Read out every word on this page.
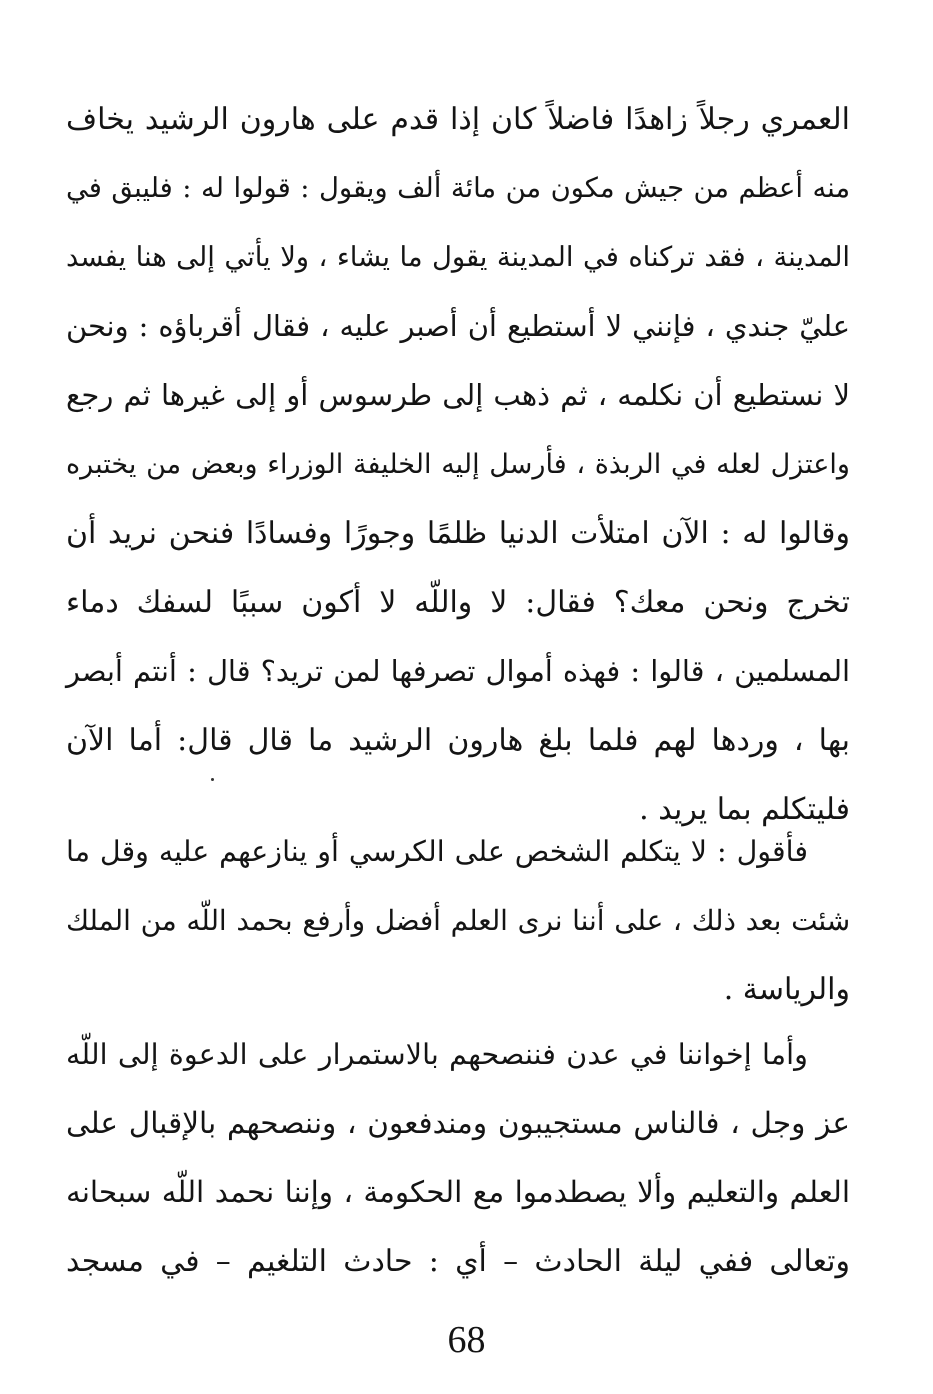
العمري رجلاً زاهدًا فاضلاً كان إذا قدم على هارون الرشيد يخاف
منه أعظم من جيش مكون من مائة ألف ويقول : قولوا له : فليبق في
المدينة ، فقد تركناه في المدينة يقول ما يشاء ، ولا يأتي إلى هنا يفسد
عليّ جندي ، فإنني لا أستطيع أن أصبر عليه ، فقال أقرباؤه : ونحن
لا نستطيع أن نكلمه ، ثم ذهب إلى طرسوس أو إلى غيرها ثم رجع
واعتزل لعله في الربذة ، فأرسل إليه الخليفة الوزراء وبعض من يختبره
وقالوا له : الآن امتلأت الدنيا ظلمًا وجورًا وفسادًا فنحن نريد أن
تخرج ونحن معك؟ فقال: لا واللّه لا أكون سببًا لسفك دماء
المسلمين ، قالوا : فهذه أموال تصرفها لمن تريد؟ قال : أنتم أبصر
بها ، وردها لهم فلما بلغ هارون الرشيد ما قال قال: أما الآن
فليتكلم بما يريد .
فأقول : لا يتكلم الشخص على الكرسي أو ينازعهم عليه وقل ما
شئت بعد ذلك ، على أننا نرى العلم أفضل وأرفع بحمد اللّه من الملك
والرياسة .
وأما إخواننا في عدن فننصحهم بالاستمرار على الدعوة إلى اللّه
عز وجل ، فالناس مستجيبون ومندفعون ، وننصحهم بالإقبال على
العلم والتعليم وألا يصطدموا مع الحكومة ، وإننا نحمد اللّه سبحانه
وتعالى ففي ليلة الحادث – أي : حادث التلغيم – في مسجد
68
